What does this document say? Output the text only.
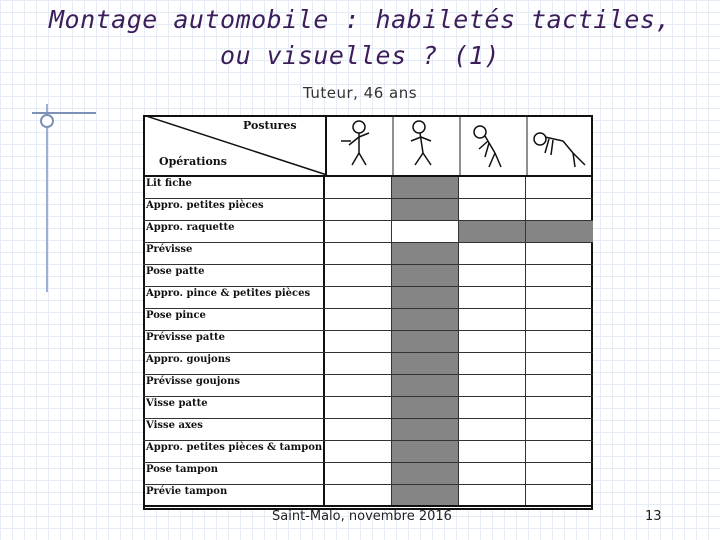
Montage automobile : habiletés tactiles,
ou visuelles ? (1)
Tuteur, 46 ans
Postures
Opérations
Lit fiche
Appro. petites pièces
Appro. raquette
Prévisse
Pose patte
Appro. pince & petites pièces
Pose pince
Prévisse patte
Appro. goujons
Prévisse goujons
Visse patte
Visse axes
Appro. petites pièces & tampon
Pose tampon
Prévie tampon
Saint-Malo, novembre 2016	13
